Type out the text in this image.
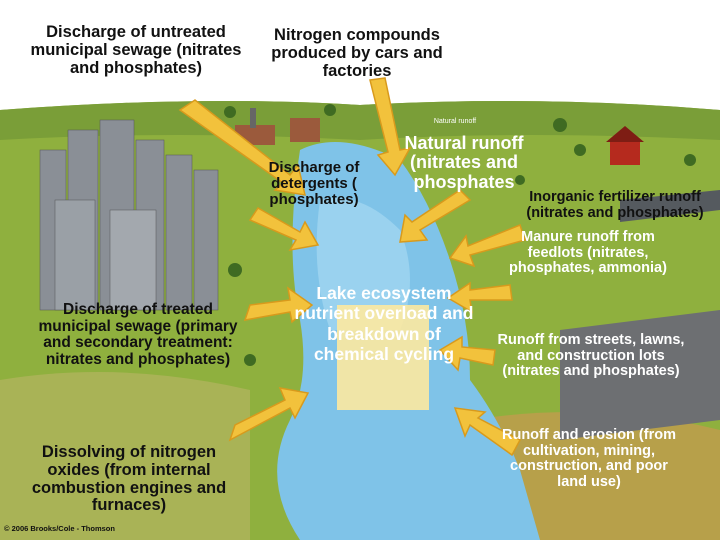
Discharge of untreated municipal sewage (nitrates and phosphates)
Nitrogen compounds produced by cars and factories
Natural runoff
Natural runoff (nitrates and phosphates
Discharge of detergents ( phosphates)	Inorganic fertilizer runoff (nitrates and phosphates)
Manure runoff from feedlots (nitrates, phosphates, ammonia)
Lake ecosystem nutrient overload and breakdown of chemical cycling
Discharge of treated municipal sewage (primary and secondary treatment: nitrates and phosphates)
Runoff from streets, lawns, and construction lots (nitrates and phosphates)
Dissolving of nitrogen oxides (from internal combustion engines and furnaces)
Runoff and erosion (from cultivation, mining, construction, and poor land use)
© 2006 Brooks/Cole - Thomson
